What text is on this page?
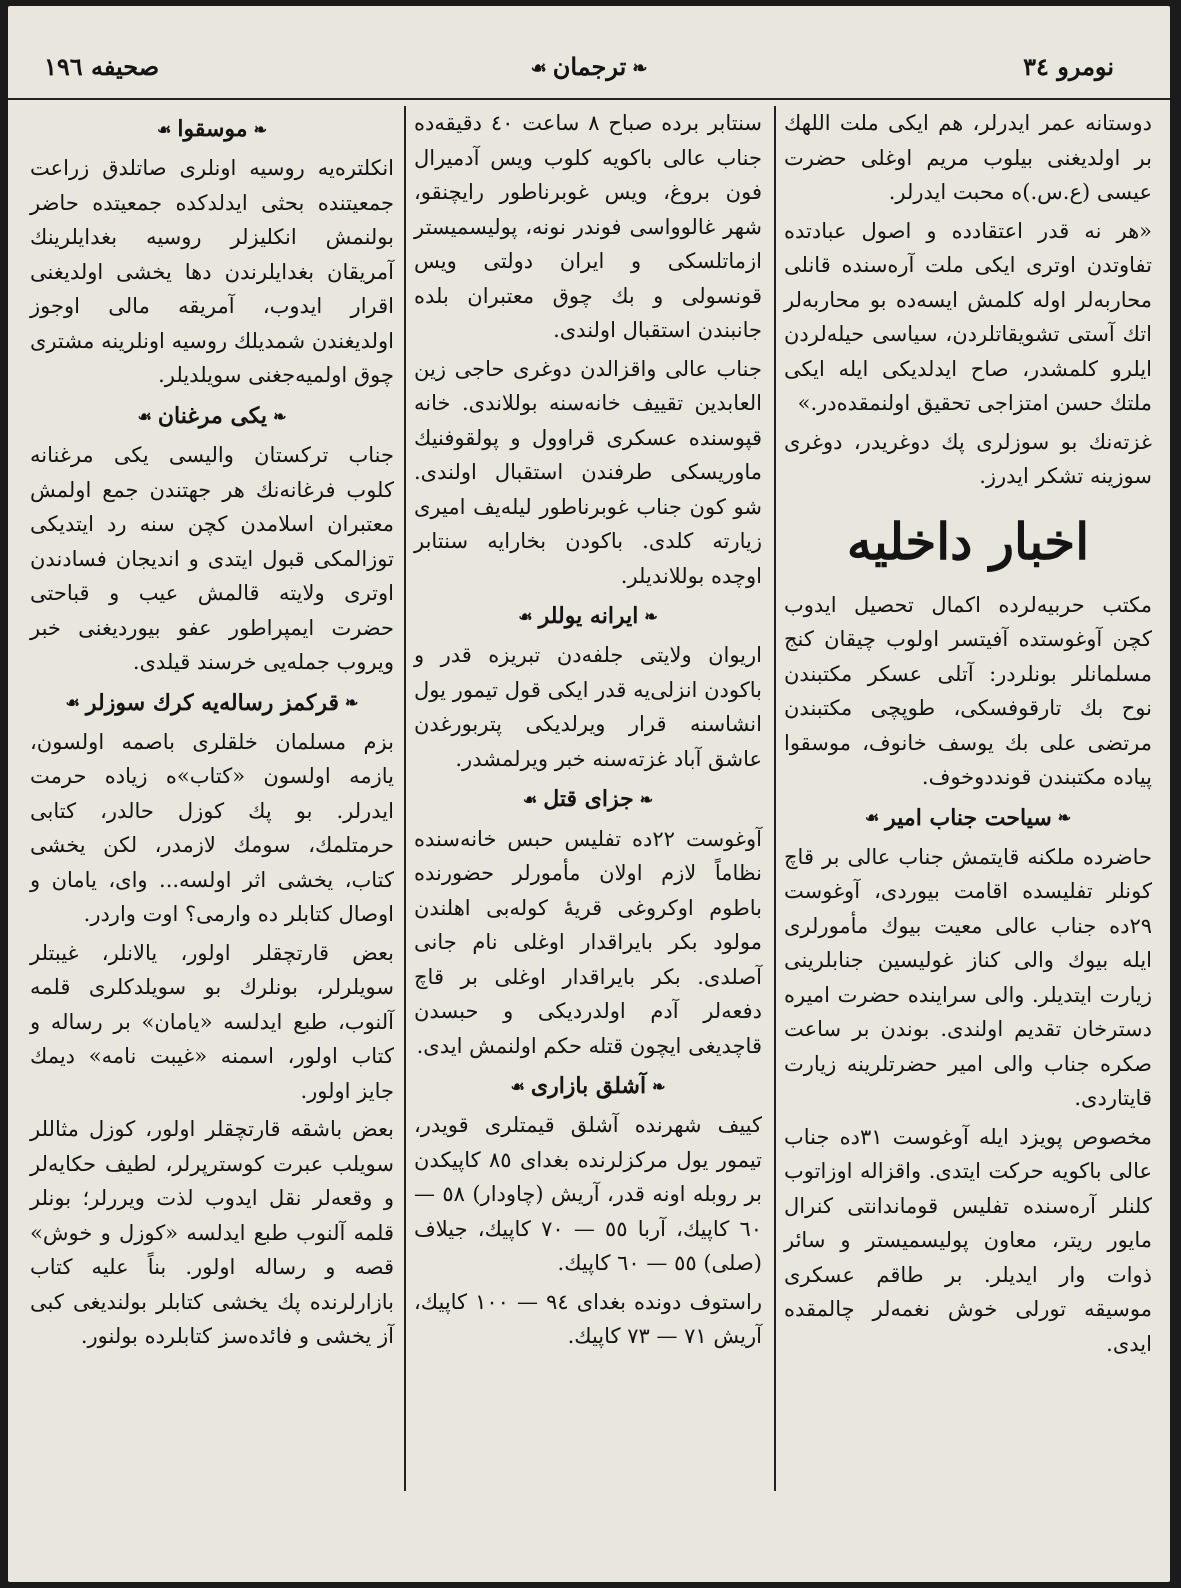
صحيفه ١٩٦	❧ترجمان☙	نومرو ٣٤
❧موسقوا☙

انكلتره‌یه روسیه اونلری صاتلدق زراعت جمعیتنده بحثی ایدلدكده جمعیتده حاضر بولنمش انكلیزلر روسیه بغدایلرینك آمریقان بغدایلرندن دها یخشی اولدیغنی اقرار ایدوب، آمریقه مالی اوجوز اولدیغندن شمدیلك روسیه اونلرینه مشتری چوق اولمیه‌جغنی سویلدیلر.

❧یكی مرغنان☙

جناب تركستان والیسی یكی مرغنانه كلوب فرغانه‌نك هر جهتندن جمع اولمش معتبران اسلامدن كچن سنه رد ایتدیكی توزالمكی قبول ایتدی و اندیجان فسادندن اوتری ولایته قالمش عیب و قباحتی حضرت ایمپراطور عفو بیوردیغنی خبر ویروب جمله‌یی خرسند قیلدی.

❧قركمز رساله‌یه كرك سوزلر☙

بزم مسلمان خلقلری باصمه اولسون، یازمه اولسون «كتاب»ه زیاده حرمت ایدرلر. بو پك كوزل حالدر، كتابی حرمتلمك، سومك لازمدر، لكن یخشی كتاب، یخشی اثر اولسه... وای، یامان و اوصال كتابلر ده وارمی؟ اوت واردر.

بعض قارتچقلر اولور، یالانلر، غیبتلر سویلرلر، بونلرك بو سویلدكلری قلمه آلنوب، طبع ایدلسه «یامان» بر رساله و كتاب اولور، اسمنه «غیبت نامه» دیمك جایز اولور.

بعض باشقه قارتچقلر اولور، كوزل مثاللر سویلب عبرت كوسترپرلر، لطیف حكایه‌لر و وقعه‌لر نقل ایدوب لذت ویررلر؛ بونلر قلمه آلنوب طبع ایدلسه «كوزل و خوش» قصه و رساله اولور. بناً علیه كتاب بازارلرنده پك یخشی كتابلر بولندیغی كبی آز یخشی و فائده‌سز كتابلرده بولنور.

سنتابر برده صباح ٨ ساعت ٤٠ دقیقه‌ده جناب عالی باكویه كلوب ویس آدمیرال فون بروغ، ویس غوبرناطور رایچنقو، شهر غالوواسی فوندر نونه، پولیسمیستر ازماتلسكی و ایران دولتی ویس قونسولی و بك چوق معتبران بلده جانبندن استقبال اولندی.

جناب عالی واقزالدن دوغری حاجی زین العابدین تقییف خانه‌سنه بوللاندی. خانه قپوسنده عسكری قراوول و پولقوفنیك ماوریسكی طرفندن استقبال اولندی. شو كون جناب غوبرناطور لیله‌یف امیری زیارته كلدی. باكودن بخارایه سنتابر اوچده بوللاندیلر.

❧ایرانه یوللر☙

اریوان ولایتی جلفه‌دن تبریزه قدر و باكودن انزلی‌یه قدر ایكی قول تیمور یول انشاسنه قرار ویرلدیكی پتربورغدن عاشق آباد غزته‌سنه خبر ویرلمشدر.

❧جزای قتل☙

آوغوست ٢٢ده تفلیس حبس خانه‌سنده نظاماً لازم اولان مأمورلر حضورنده باطوم اوكروغی قریهٔ كوله‌بی اهلندن مولود بكر بایراقدار اوغلی نام جانی آصلدی. بكر بایراقدار اوغلی بر قاچ دفعه‌لر آدم اولدردیكی و حبسدن قاچدیغی ایچون قتله حكم اولنمش ایدی.

❧آشلق بازاری☙

كییف شهرنده آشلق قیمتلری قویدر، تیمور یول مركزلرنده بغدای ٨٥ كاپیكدن بر روبله اونه قدر، آریش (چاودار) ٥٨ — ٦٠ كاپیك، آربا ٥٥ — ٧٠ كاپیك، جیلاف (صلی) ٥٥ — ٦٠ كاپیك.

راستوف دونده بغدای ٩٤ — ١٠٠ كاپیك، آریش ٧١ — ٧٣ كاپیك.

دوستانه عمر ایدرلر، هم ایكی ملت اللهك بر اولدیغنی بیلوب مریم اوغلی حضرت عیسی (ع.س.)ه محبت ایدرلر.

«هر نه قدر اعتقادده و اصول عبادتده تفاوتدن اوتری ایكی ملت آره‌سنده قانلی محاربه‌لر اوله كلمش ایسه‌ده بو محاربه‌لر اتك آستی تشویقاتلردن، سیاسی حیله‌لردن ایلرو كلمشدر، صاح ایدلدیكی ایله ایكی ملتك حسن امتزاجی تحقیق اولنمقده‌در.»

غزته‌نك بو سوزلری پك دوغریدر، دوغری سوزینه تشكر ایدرز.

اخبار داخلیه

مكتب حربیه‌لرده اكمال تحصیل ایدوب كچن آوغوستده آفیتسر اولوب چیقان كنج مسلمانلر بونلردر: آتلی عسكر مكتبندن نوح بك تارقوفسكی، طوپچی مكتبندن مرتضی علی بك یوسف خانوف، موسقوا پیاده مكتبندن قونددوخوف.

❧سیاحت جناب امیر☙

حاضرده ملكنه قایتمش جناب عالی بر قاچ كونلر تفلیسده اقامت بیوردی، آوغوست ٢٩ده جناب عالی معیت بیوك مأمورلری ایله بیوك والی كناز غولیسین جنابلرینی زیارت ایتدیلر. والی سراینده حضرت امیره دسترخان تقدیم اولندی. بوندن بر ساعت صكره جناب والی امیر حضرتلرینه زیارت قایتاردی.

مخصوص پویزد ایله آوغوست ٣١ده جناب عالی باكویه حركت ایتدی. واقزاله اوزاتوب كلنلر آره‌سنده تفلیس قوماندانتی كنرال مایور ریتر، معاون پولیسمیستر و سائر ذوات وار ایدیلر. بر طاقم عسكری موسیقه تورلی خوش نغمه‌لر چالمقده ایدی.
